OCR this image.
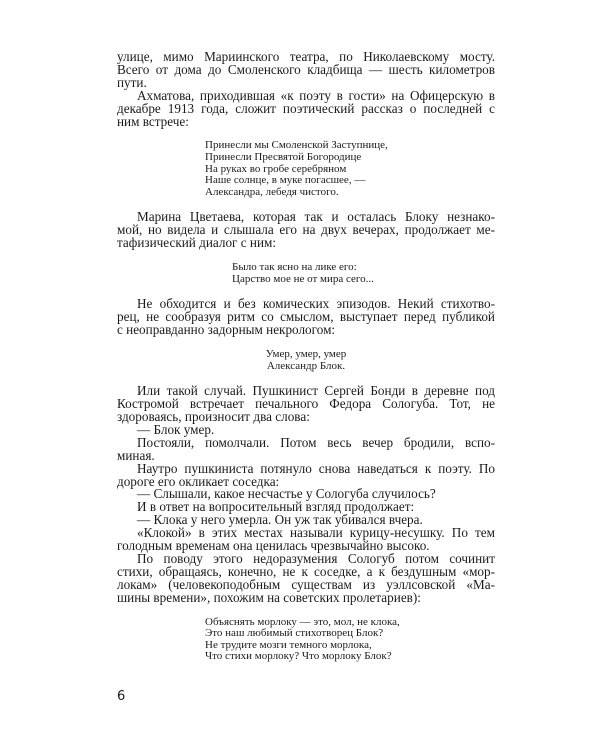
улице, мимо Мариинского театра, по Николаевскому мосту.
Всего от дома до Смоленского кладбища — шесть километров
пути.
Ахматова, приходившая «к поэту в гости» на Офицерскую в
декабре 1913 года, сложит поэтический рассказ о последней с
ним встрече:
Принесли мы Смоленской Заступнице,
Принесли Пресвятой Богородице
На руках во гробе серебряном
Наше солнце, в муке погасшее, —
Александра, лебедя чистого.
Марина Цветаева, которая так и осталась Блоку незнако-
мой, но видела и слышала его на двух вечерах, продолжает ме-
тафизический диалог с ним:
Было так ясно на лике его:
Царство мое не от мира сего...
Не обходится и без комических эпизодов. Некий стихотво-
рец, не сообразуя ритм со смыслом, выступает перед публикой
с неоправданно задорным некрологом:
Умер, умер, умер
Александр Блок.
Или такой случай. Пушкинист Сергей Бонди в деревне под
Костромой встречает печального Федора Сологуба. Тот, не
здороваясь, произносит два слова:
— Блок умер.
Постояли, помолчали. Потом весь вечер бродили, вспо-
миная.
Наутро пушкиниста потянуло снова наведаться к поэту. По
дороге его окликает соседка:
— Слышали, какое несчастье у Сологуба случилось?
И в ответ на вопросительный взгляд продолжает:
— Клока у него умерла. Он уж так убивался вчера.
«Клокой» в этих местах называли курицу-несушку. По тем
голодным временам она ценилась чрезвычайно высоко.
По поводу этого недоразумения Сологуб потом сочинит
стихи, обращаясь, конечно, не к соседке, а к бездушным «мор-
локам» (человекоподобным существам из уэллсовской «Ма-
шины времени», похожим на советских пролетариев):
Объяснять морлоку — это, мол, не клока,
Это наш любимый стихотворец Блок?
Не трудите мозги темного морлока,
Что стихи морлоку? Что морлоку Блок?
6
